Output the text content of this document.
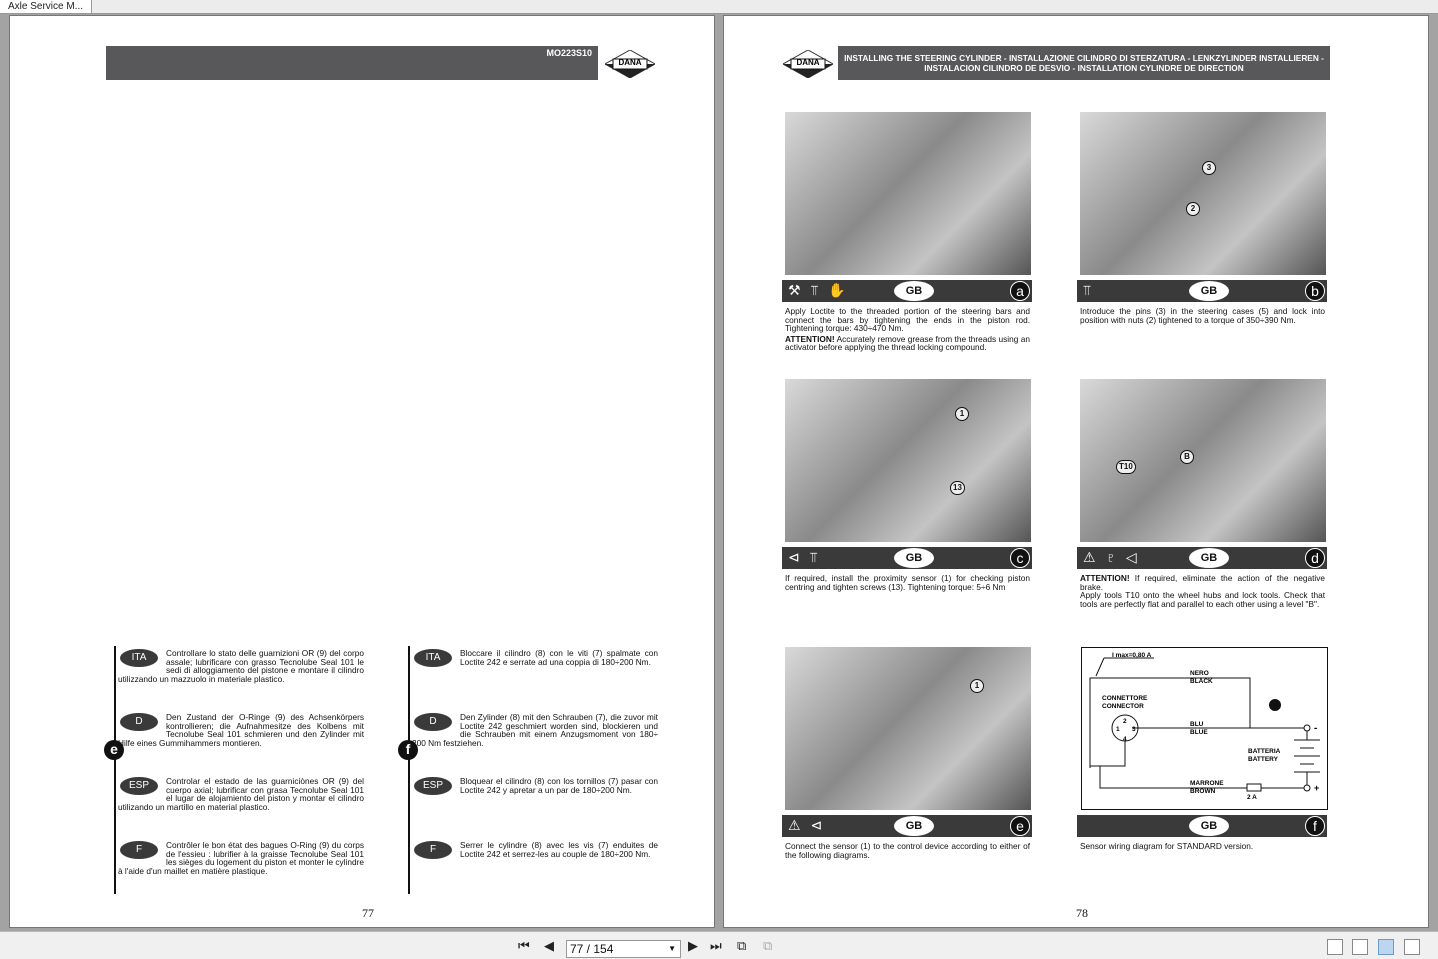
Axle Service M...
MO223S10
DANA
e
ITA	Controllare lo stato delle guarnizioni OR (9) del corpo assale; lubrificare con grasso Tecnolube Seal 101 le sedi di alloggiamento del pistone e montare il cilindro utilizzando un mazzuolo in materiale plastico.
D	Den Zustand der O-Ringe (9) des Achsenkörpers kontrollieren; die Aufnahmesitze des Kolbens mit Tecnolube Seal 101 schmieren und den Zylinder mit Hilfe eines Gummihammers montieren.
ESP	Controlar el estado de las guarniciònes OR (9) del cuerpo axial; lubrificar con grasa Tecnolube Seal 101 el lugar de alojamiento del piston y montar el cilindro utilizando un martillo en material plastico.
F	Contrôler le bon état des bagues O-Ring (9) du corps de l'essieu : lubrifier à la graisse Tecnolube Seal 101 les sièges du logement du piston et monter le cylindre à l'aide d'un maillet en matière plastique.
f
ITA	Bloccare il cilindro (8) con le viti (7) spalmate con Loctite 242 e serrate ad una coppia di 180÷200 Nm.
D	Den Zylinder (8) mit den Schrauben (7), die zuvor mit Loctite 242 geschmiert worden sind, blockieren und die Schrauben mit einem Anzugsmoment von 180÷ 200 Nm festziehen.
ESP	Bloquear el cilindro (8) con los tornillos (7) pasar con Loctite 242 y apretar a un par de 180÷200 Nm.
F	Serrer le cylindre (8) avec les vis (7) enduites de Loctite 242 et serrez-les au couple de 180÷200 Nm.
77
DANA	INSTALLING THE STEERING CYLINDER - INSTALLAZIONE CILINDRO DI STERZATURA - LENKZYLINDER INSTALLIEREN -
INSTALACION CILINDRO DE DESVIO - INSTALLATION CYLINDRE DE DIRECTION
⚒ ⫪ ✋	GB	a
Apply Loctite to the threaded portion of the steering bars and connect the bars by tightening the ends in the piston rod. Tightening torque: 430÷470 Nm.
ATTENTION! Accurately remove grease from the threads using an activator before applying the thread locking compound.
⫪	GB	b
Introduce the pins (3) in the steering cases (5) and lock into position with nuts (2) tightened to a torque of 350÷390 Nm.
⊲ ⫪	GB	c
If required, install the proximity sensor (1) for checking piston centring and tighten screws (13). Tightening torque: 5÷6 Nm
⚠ ♇ ◁	GB	d
ATTENTION! If required, eliminate the action of the negative brake.
Apply tools T10 onto the wheel hubs and lock tools. Check that tools are perfectly flat and parallel to each other using a level "B".
⚠ ⊲	GB	e
Connect the sensor (1) to the control device according to either of the following diagrams.
GB	f
Sensor wiring diagram for STANDARD version.
3
2
1
13
T10
B
1
I max=0,80 A
NERO
BLACK
CONNETTORE
CONNECTOR
BLU
BLUE
BATTERIA
BATTERY
MARRONE
BROWN
2 A
-
+
1
2
3
4
78
⏮ ◀	77 / 154	▼ ▶ ⏭ ⧉ ⧉
